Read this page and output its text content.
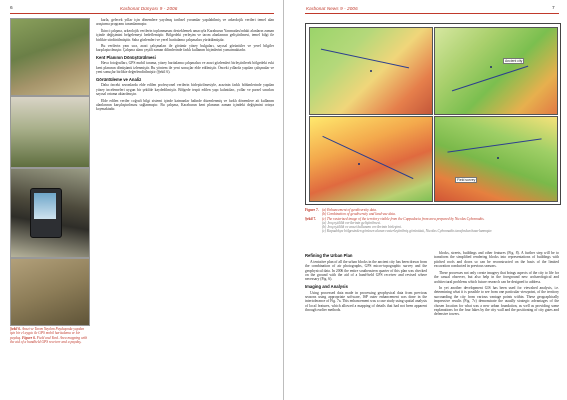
6	Karbonat Dünyası 9 - 2006
Şekil 6. Arazi ve Tarım Yayılım Paydaşında yapılan işin bir el aygıtı ile GPS mobil haritalama ve bir paydaş. Figure 6. Field and Yard. Area mapping with the aid of a handheld GPS receiver and a paydaş.

karla, gelecek yıllar için dönemlere yayılmış tarihsel yorumlar yapılabilmiş ve arkeolojik verileri temel alan araştırma programı tanımlanmıştır.

İkinci çalışma, arkeolojik verilerin toplanmasını desteklemek amacıyla Karaburun Yarımadası'ndaki alanların zaman içinde değişimini belgelemeyi hedeflemiştir. Bölgedeki yerleşim ve tarım alanlarının geliştirilmesi, temel bilgi ile birlikte sürdürülmüştür. Saha gözlemleri ve yerel haritalama çalışmaları yürütülmüştür.

Bu verilerin yanı sıra, arazi çalışmaları ile görünür yüzey bulguları, sayısal görüntüler ve yerel bilgiler karşılaştırılmıştır. Çalışma alanı çeşitli zaman dilimlerinde farklı kullanım biçimlerini yansıtmaktadır.

Kent Planının Dönüştürülmesi

Hava fotoğrafları, GPS mobil tarama, yüzey haritalama çalışmaları ve arazi gözlemleri birleştirilerek bölgedeki eski kent planının dönüşümü izlenmiştir. Bu yöntem ile yeni sonuçlar elde edilmiştir. Önceki yıllarda yapılan çalışmalar ve yeni sonuçlar birlikte değerlendirilmiştir (Şekil 6).

Görüntüleme ve Analiz

Daha önceki sezonlarda elde edilen profesyonel verilerin birleştirilmesiyle, arazinin farklı bölümlerinde yapılan yüzey incelemeleri uygun bir şekilde kaydedilmiştir. Bölgede tespit edilen yapı kalıntıları, yollar ve parsel sınırları sayısal ortama aktarılmıştır.

Elde edilen veriler coğrafi bilgi sistemi içinde katmanlar halinde düzenlenmiş ve farklı dönemlere ait kullanım alanlarının karşılaştırılması sağlanmıştır. Bu çalışma, Karaburun kent planının zaman içindeki değişimini ortaya koymaktadır.

Karbonat News 9 - 2006	7
Ancient city
Field survey
Figure 7. (a) Enhancement of geodiversity data.
(b) Combination of geodiversity and land-use data.
Şekil 7.	(c) The rasterized image of the territory visible from the Cappadocia from area prepared by Nicolas Cybonnakis.
(a) Jeoçeşitlilik verilerinin geliştirilmesi.
(b) Jeoçeşitlilik ve arazi kullanımı verilerinin birleşimi.
(c) Kapadokya bölgesinden görünen alanın rasterleştirilmiş görüntüsü, Nicolas Cybonnakis tarafından hazırlanmıştır.
Refining the Urban Plan

A tentative plan of all the urban blocks in the ancient city has been drawn from the combination of air photographs, GPS micro-topographic survey and the geophysical data. In 2006 the entire southeastern quarter of this plan was checked on the ground with the aid of a hand-held GPS receiver and revised where necessary (Fig. 6).

Imaging and Analysis

Using processed data made in processing geophysical data from previous seasons using appropriate software, ISP outer enhancement was done in the intertolerance of Fig. 7a. This enhancement was a case study using spatial analysis of local features, which allowed a mapping of details that had not been apparent through earlier methods.

blocks, streets, buildings and other features (Fig. 8). A further step will be to transform the simplified rendering blocks into representations of buildings with pitched roofs and doors so can be reconstructed on the basis of the limited excavation conducted in previous seasons.

These processes not only create imagery that brings aspects of the city to life for the casual observer, but also help in the foreground new archaeological and architectural problems which future research can be designed to address.

In yet another development GIS has been used for viewshed analysis, i.e. determining what it is possible to see from one particular viewpoint, of the territory surrounding the city from various vantage points within. These geographically impressive results (Fig. 7c) demonstrate the usually strategic advantages of the chosen location for what was a new urban foundation, as well as providing some explanations for the four lakes by the city wall and the positioning of city gates and defensive towers.
